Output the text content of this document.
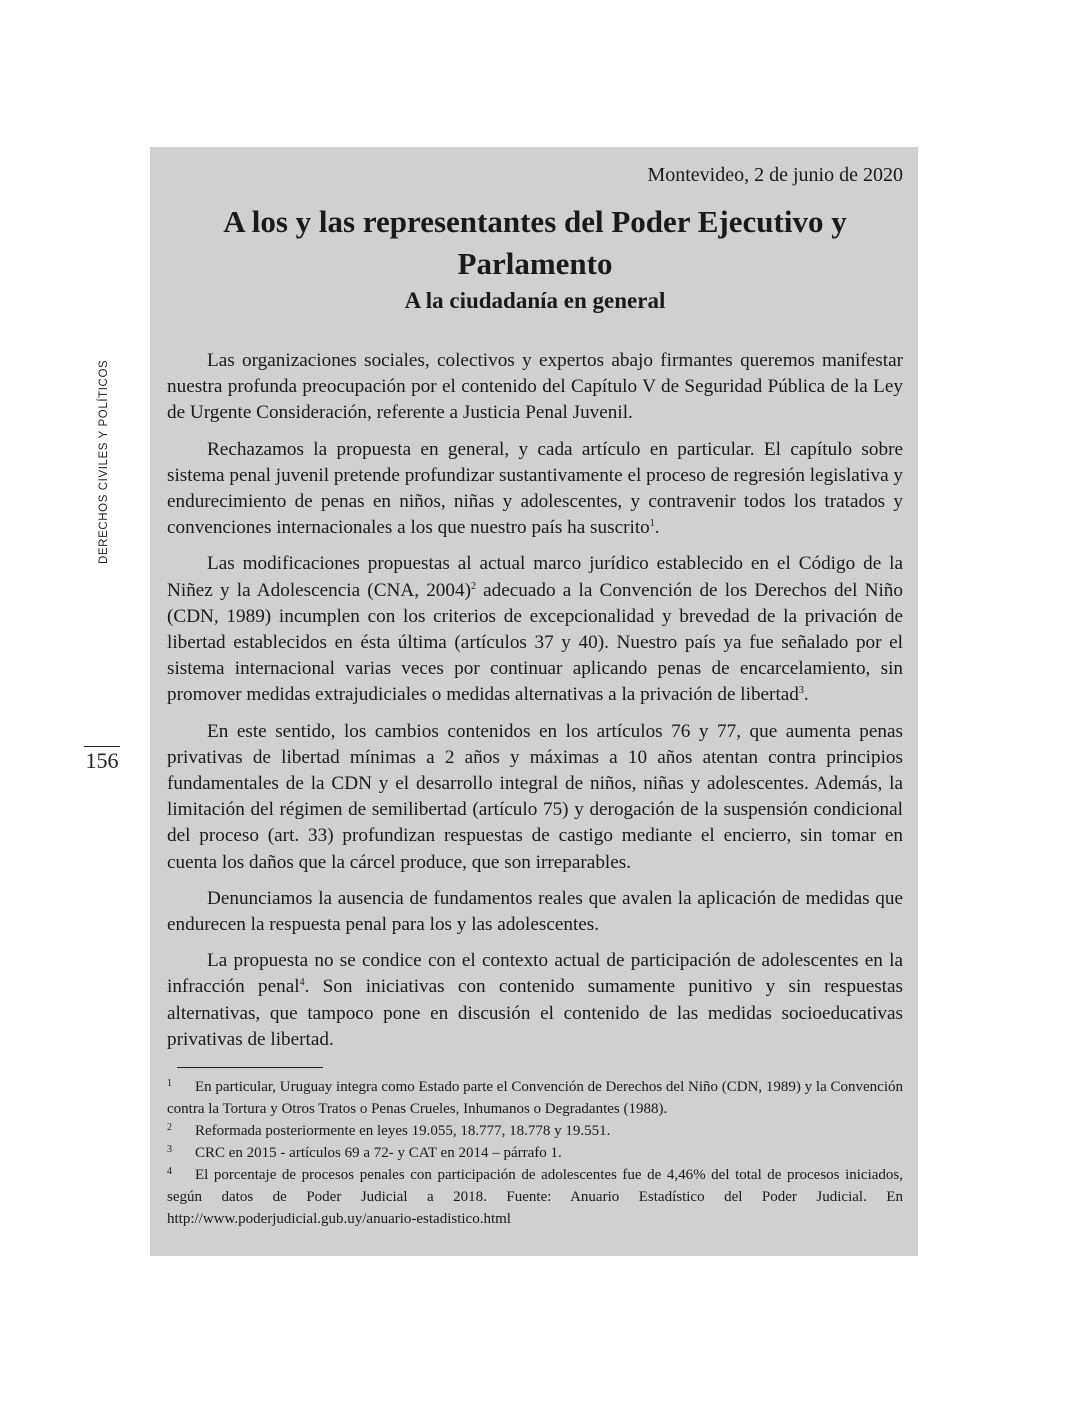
DERECHOS CIVILES Y POLÍTICOS
156

Montevideo, 2 de junio de 2020

A los y las representantes del Poder Ejecutivo y Parlamento
A la ciudadanía en general

Las organizaciones sociales, colectivos y expertos abajo firmantes queremos manifestar nuestra profunda preocupación por el contenido del Capítulo V de Seguridad Pública de la Ley de Urgente Consideración, referente a Justicia Penal Juvenil.

Rechazamos la propuesta en general, y cada artículo en particular. El capítulo sobre sistema penal juvenil pretende profundizar sustantivamente el proceso de regresión legislativa y endurecimiento de penas en niños, niñas y adolescentes, y contravenir todos los tratados y convenciones internacionales a los que nuestro país ha suscrito$^1$.

Las modificaciones propuestas al actual marco jurídico establecido en el Código de la Niñez y la Adolescencia (CNA, 2004)$^2$ adecuado a la Convención de los Derechos del Niño (CDN, 1989) incumplen con los criterios de excepcionalidad y brevedad de la privación de libertad establecidos en ésta última (artículos 37 y 40). Nuestro país ya fue señalado por el sistema internacional varias veces por continuar aplicando penas de encarcelamiento, sin promover medidas extrajudiciales o medidas alternativas a la privación de libertad$^3$.

En este sentido, los cambios contenidos en los artículos 76 y 77, que aumenta penas privativas de libertad mínimas a 2 años y máximas a 10 años atentan contra principios fundamentales de la CDN y el desarrollo integral de niños, niñas y adolescentes. Además, la limitación del régimen de semilibertad (artículo 75) y derogación de la suspensión condicional del proceso (art. 33) profundizan respuestas de castigo mediante el encierro, sin tomar en cuenta los daños que la cárcel produce, que son irreparables.

Denunciamos la ausencia de fundamentos reales que avalen la aplicación de medidas que endurecen la respuesta penal para los y las adolescentes.

La propuesta no se condice con el contexto actual de participación de adolescentes en la infracción penal$^4$. Son iniciativas con contenido sumamente punitivo y sin respuestas alternativas, que tampoco pone en discusión el contenido de las medidas socioeducativas privativas de libertad.

1 En particular, Uruguay integra como Estado parte el Convención de Derechos del Niño (CDN, 1989) y la Convención contra la Tortura y Otros Tratos o Penas Crueles, Inhumanos o Degradantes (1988).

2 Reformada posteriormente en leyes 19.055, 18.777, 18.778 y 19.551.

3 CRC en 2015 - artículos 69 a 72- y CAT en 2014 – párrafo 1.

4 El porcentaje de procesos penales con participación de adolescentes fue de 4,46% del total de procesos iniciados, según datos de Poder Judicial a 2018. Fuente: Anuario Estadístico del Poder Judicial. En http://www.poderjudicial.gub.uy/anuario-estadistico.html
